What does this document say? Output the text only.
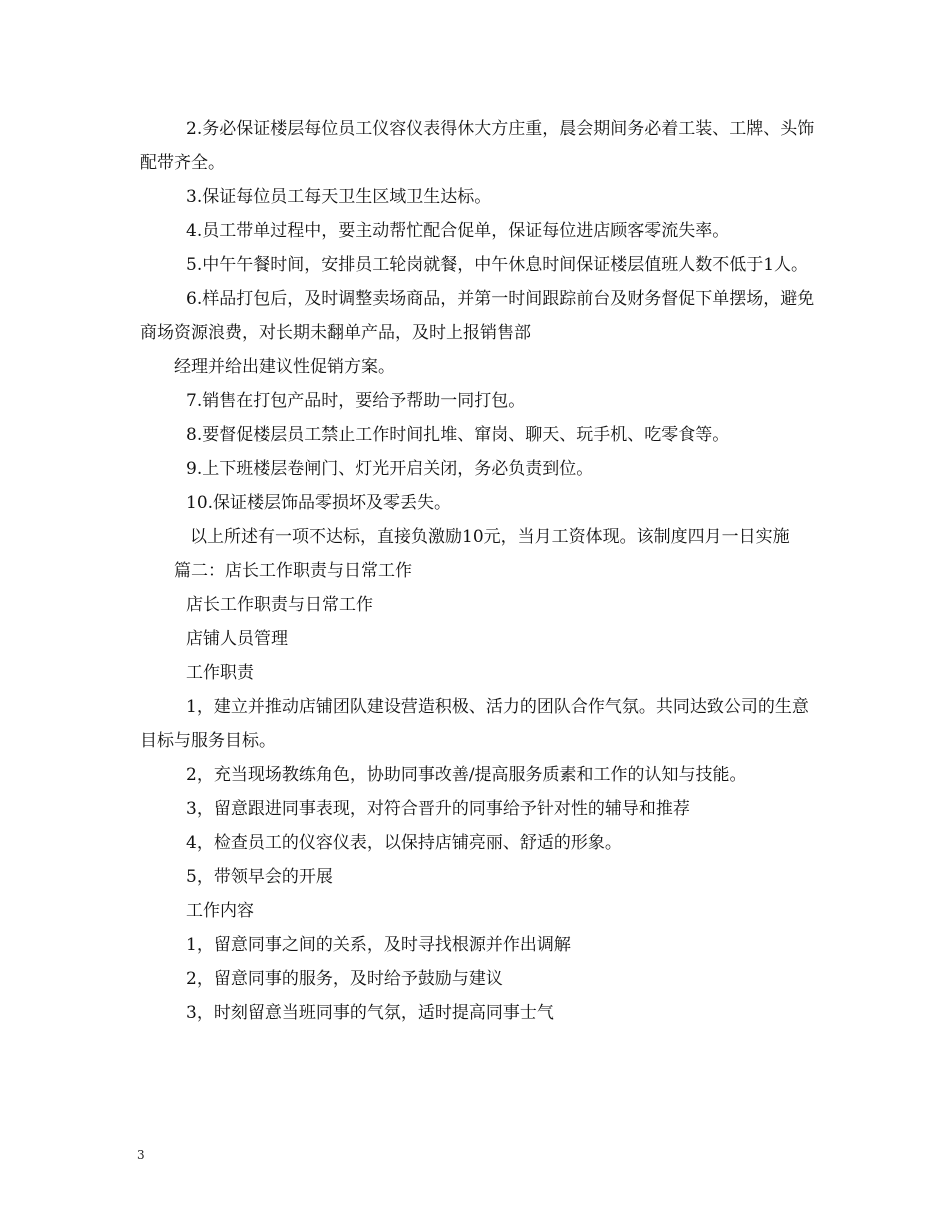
2.务必保证楼层每位员工仪容仪表得休大方庄重，晨会期间务必着工装、工牌、头饰配带齐全。

3.保证每位员工每天卫生区域卫生达标。

4.员工带单过程中，要主动帮忙配合促单，保证每位进店顾客零流失率。

5.中午午餐时间，安排员工轮岗就餐，中午休息时间保证楼层值班人数不低于1人。

6.样品打包后，及时调整卖场商品，并第一时间跟踪前台及财务督促下单摆场，避免商场资源浪费，对长期未翻单产品，及时上报销售部

经理并给出建议性促销方案。

7.销售在打包产品时，要给予帮助一同打包。

8.要督促楼层员工禁止工作时间扎堆、窜岗、聊天、玩手机、吃零食等。

9.上下班楼层卷闸门、灯光开启关闭，务必负责到位。

10.保证楼层饰品零损坏及零丢失。

以上所述有一项不达标，直接负激励10元，当月工资体现。该制度四月一日实施

篇二：店长工作职责与日常工作

店长工作职责与日常工作

店铺人员管理

工作职责

1，建立并推动店铺团队建设营造积极、活力的团队合作气氛。共同达致公司的生意目标与服务目标。

2，充当现场教练角色，协助同事改善/提高服务质素和工作的认知与技能。

3，留意跟进同事表现，对符合晋升的同事给予针对性的辅导和推荐

4，检查员工的仪容仪表，以保持店铺亮丽、舒适的形象。

5，带领早会的开展

工作内容

1，留意同事之间的关系，及时寻找根源并作出调解

2，留意同事的服务，及时给予鼓励与建议

3，时刻留意当班同事的气氛，适时提高同事士气

3
